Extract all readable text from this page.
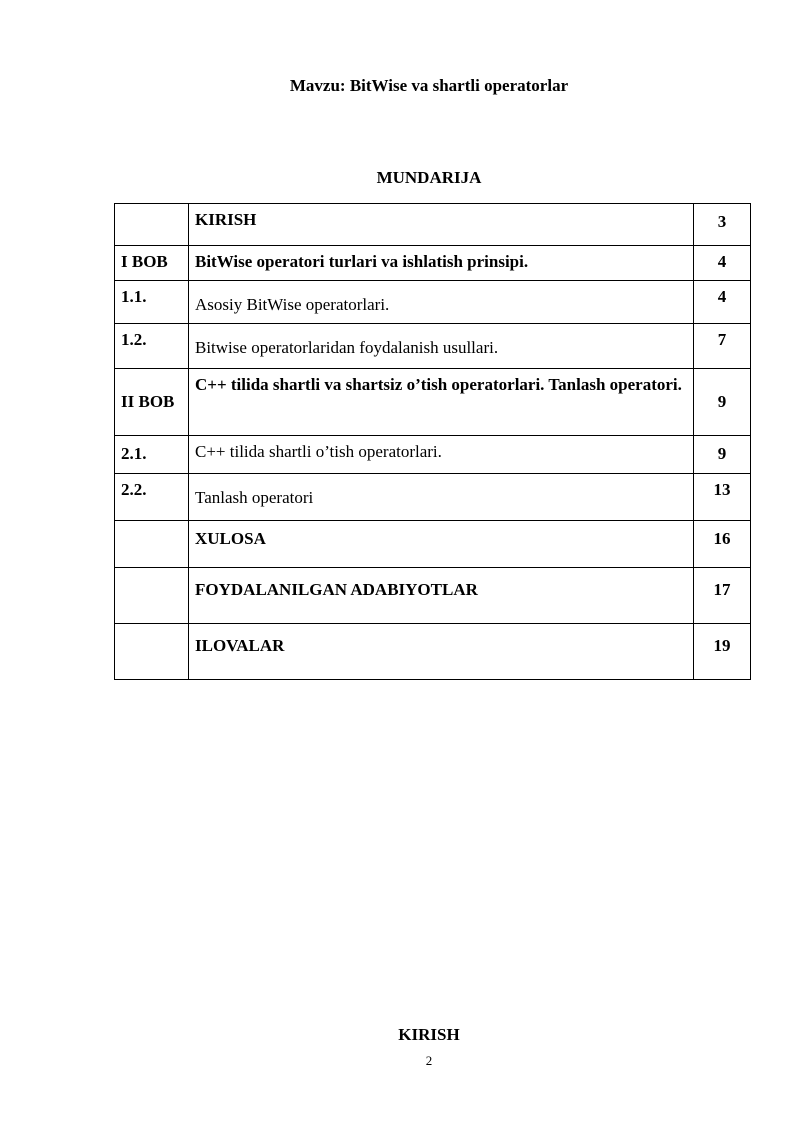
Mavzu: BitWise va shartli operatorlar
MUNDARIJA
	KIRISH	3
I BOB	BitWise operatori turlari va ishlatish prinsipi.	4
1.1.	Asosiy BitWise operatorlari.	4
1.2.	Bitwise operatorlaridan foydalanish usullari.	7
II BOB	C++ tilida shartli va shartsiz o’tish operatorlari. Tanlash operatori.	9
2.1.	C++ tilida shartli o’tish operatorlari.	9
2.2.	Tanlash operatori	13
	XULOSA	16
	FOYDALANILGAN ADABIYOTLAR	17
	ILOVALAR	19
KIRISH
2
